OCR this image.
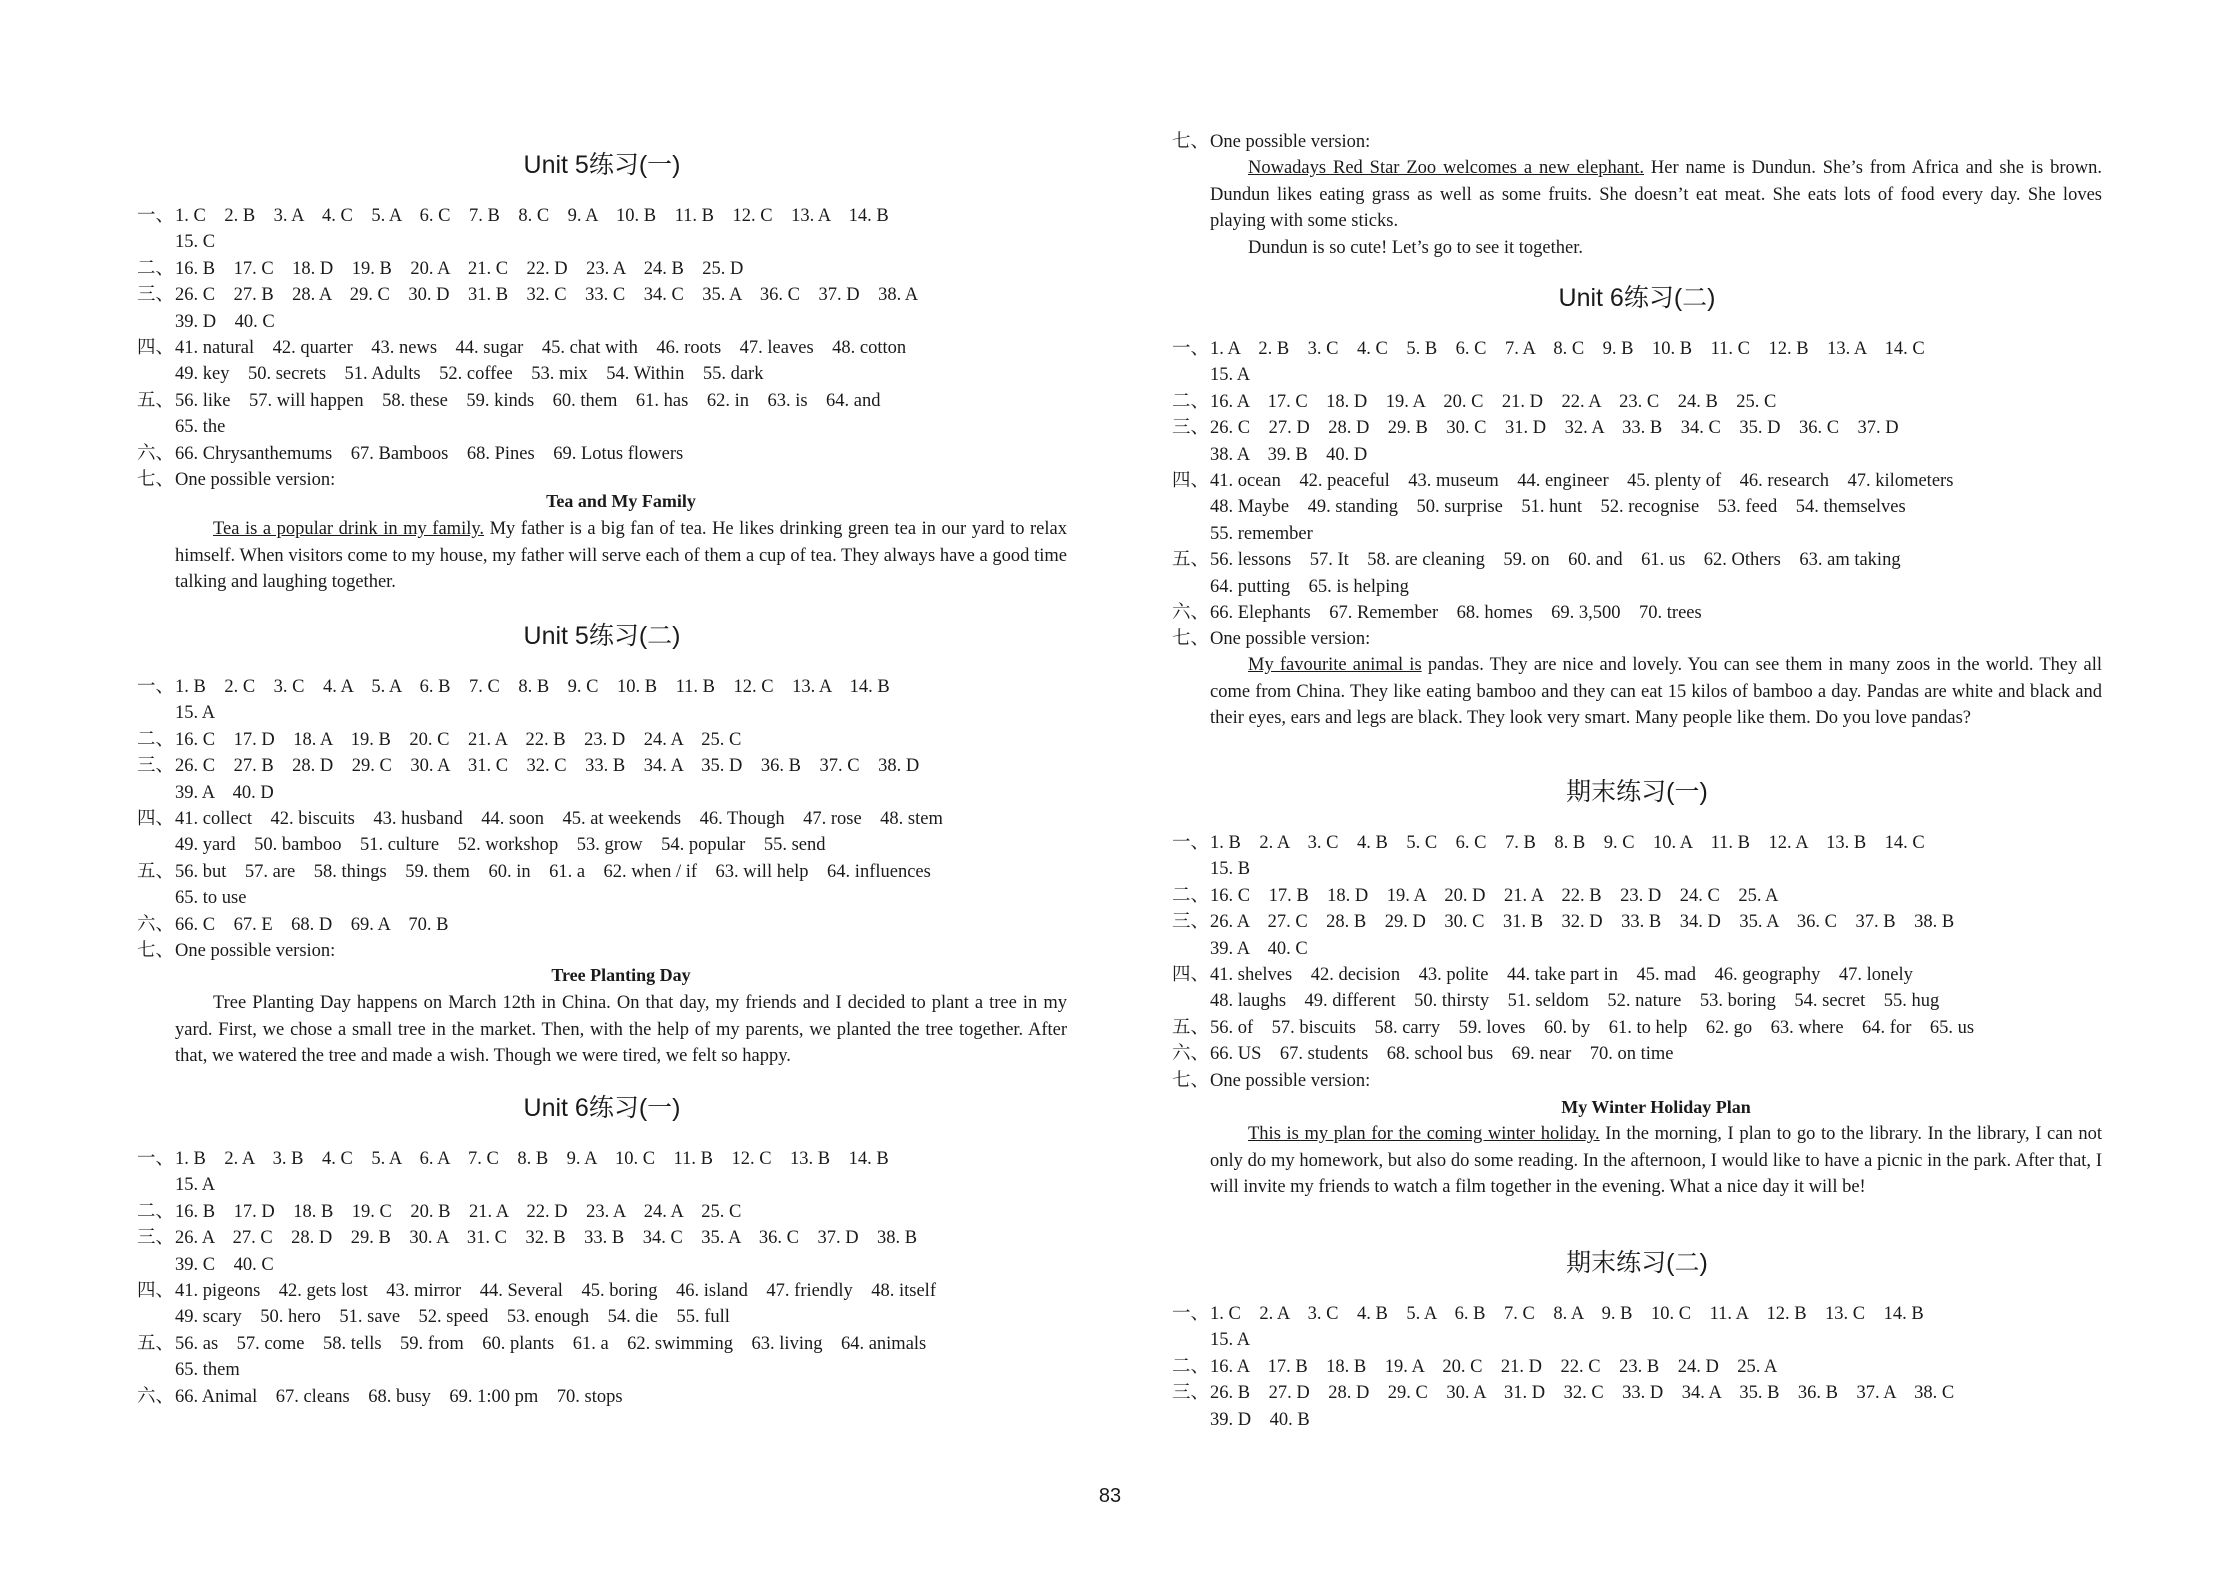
Unit 5练习(一)
一、1. C    2. B    3. A    4. C    5. A    6. C    7. B    8. C    9. A    10. B    11. B    12. C    13. A    14. B
15. C
二、16. B    17. C    18. D    19. B    20. A    21. C    22. D    23. A    24. B    25. D
三、26. C    27. B    28. A    29. C    30. D    31. B    32. C    33. C    34. C    35. A    36. C    37. D    38. A
39. D    40. C
四、41. natural    42. quarter    43. news    44. sugar    45. chat with    46. roots    47. leaves    48. cotton
49. key    50. secrets    51. Adults    52. coffee    53. mix    54. Within    55. dark
五、56. like    57. will happen    58. these    59. kinds    60. them    61. has    62. in    63. is    64. and
65. the
六、66. Chrysanthemums    67. Bamboos    68. Pines    69. Lotus flowers
七、One possible version:
Tea and My Family

Tea is a popular drink in my family. My father is a big fan of tea. He likes drinking green tea in our yard to relax himself. When visitors come to my house, my father will serve each of them a cup of tea. They always have a good time talking and laughing together.

Unit 5练习(二)
一、1. B    2. C    3. C    4. A    5. A    6. B    7. C    8. B    9. C    10. B    11. B    12. C    13. A    14. B
15. A
二、16. C    17. D    18. A    19. B    20. C    21. A    22. B    23. D    24. A    25. C
三、26. C    27. B    28. D    29. C    30. A    31. C    32. C    33. B    34. A    35. D    36. B    37. C    38. D
39. A    40. D
四、41. collect    42. biscuits    43. husband    44. soon    45. at weekends    46. Though    47. rose    48. stem
49. yard    50. bamboo    51. culture    52. workshop    53. grow    54. popular    55. send
五、56. but    57. are    58. things    59. them    60. in    61. a    62. when / if    63. will help    64. influences
65. to use
六、66. C    67. E    68. D    69. A    70. B
七、One possible version:
Tree Planting Day

Tree Planting Day happens on March 12th in China. On that day, my friends and I decided to plant a tree in my yard. First, we chose a small tree in the market. Then, with the help of my parents, we planted the tree together. After that, we watered the tree and made a wish. Though we were tired, we felt so happy.

Unit 6练习(一)
一、1. B    2. A    3. B    4. C    5. A    6. A    7. C    8. B    9. A    10. C    11. B    12. C    13. B    14. B
15. A
二、16. B    17. D    18. B    19. C    20. B    21. A    22. D    23. A    24. A    25. C
三、26. A    27. C    28. D    29. B    30. A    31. C    32. B    33. B    34. C    35. A    36. C    37. D    38. B
39. C    40. C
四、41. pigeons    42. gets lost    43. mirror    44. Several    45. boring    46. island    47. friendly    48. itself
49. scary    50. hero    51. save    52. speed    53. enough    54. die    55. full
五、56. as    57. come    58. tells    59. from    60. plants    61. a    62. swimming    63. living    64. animals
65. them
六、66. Animal    67. cleans    68. busy    69. 1:00 pm    70. stops
七、One possible version:

Nowadays Red Star Zoo welcomes a new elephant. Her name is Dundun. She’s from Africa and she is brown. Dundun likes eating grass as well as some fruits. She doesn’t eat meat. She eats lots of food every day. She loves playing with some sticks.

Dundun is so cute! Let’s go to see it together.

Unit 6练习(二)
一、1. A    2. B    3. C    4. C    5. B    6. C    7. A    8. C    9. B    10. B    11. C    12. B    13. A    14. C
15. A
二、16. A    17. C    18. D    19. A    20. C    21. D    22. A    23. C    24. B    25. C
三、26. C    27. D    28. D    29. B    30. C    31. D    32. A    33. B    34. C    35. D    36. C    37. D
38. A    39. B    40. D
四、41. ocean    42. peaceful    43. museum    44. engineer    45. plenty of    46. research    47. kilometers
48. Maybe    49. standing    50. surprise    51. hunt    52. recognise    53. feed    54. themselves
55. remember
五、56. lessons    57. It    58. are cleaning    59. on    60. and    61. us    62. Others    63. am taking
64. putting    65. is helping
六、66. Elephants    67. Remember    68. homes    69. 3,500    70. trees
七、One possible version:

My favourite animal is pandas. They are nice and lovely. You can see them in many zoos in the world. They all come from China. They like eating bamboo and they can eat 15 kilos of bamboo a day. Pandas are white and black and their eyes, ears and legs are black. They look very smart. Many people like them. Do you love pandas?

期末练习(一)
一、1. B    2. A    3. C    4. B    5. C    6. C    7. B    8. B    9. C    10. A    11. B    12. A    13. B    14. C
15. B
二、16. C    17. B    18. D    19. A    20. D    21. A    22. B    23. D    24. C    25. A
三、26. A    27. C    28. B    29. D    30. C    31. B    32. D    33. B    34. D    35. A    36. C    37. B    38. B
39. A    40. C
四、41. shelves    42. decision    43. polite    44. take part in    45. mad    46. geography    47. lonely
48. laughs    49. different    50. thirsty    51. seldom    52. nature    53. boring    54. secret    55. hug
五、56. of    57. biscuits    58. carry    59. loves    60. by    61. to help    62. go    63. where    64. for    65. us
六、66. US    67. students    68. school bus    69. near    70. on time
七、One possible version:
My Winter Holiday Plan

This is my plan for the coming winter holiday. In the morning, I plan to go to the library. In the library, I can not only do my homework, but also do some reading. In the afternoon, I would like to have a picnic in the park. After that, I will invite my friends to watch a film together in the evening. What a nice day it will be!

期末练习(二)
一、1. C    2. A    3. C    4. B    5. A    6. B    7. C    8. A    9. B    10. C    11. A    12. B    13. C    14. B
15. A
二、16. A    17. B    18. B    19. A    20. C    21. D    22. C    23. B    24. D    25. A
三、26. B    27. D    28. D    29. C    30. A    31. D    32. C    33. D    34. A    35. B    36. B    37. A    38. C
39. D    40. B
83
